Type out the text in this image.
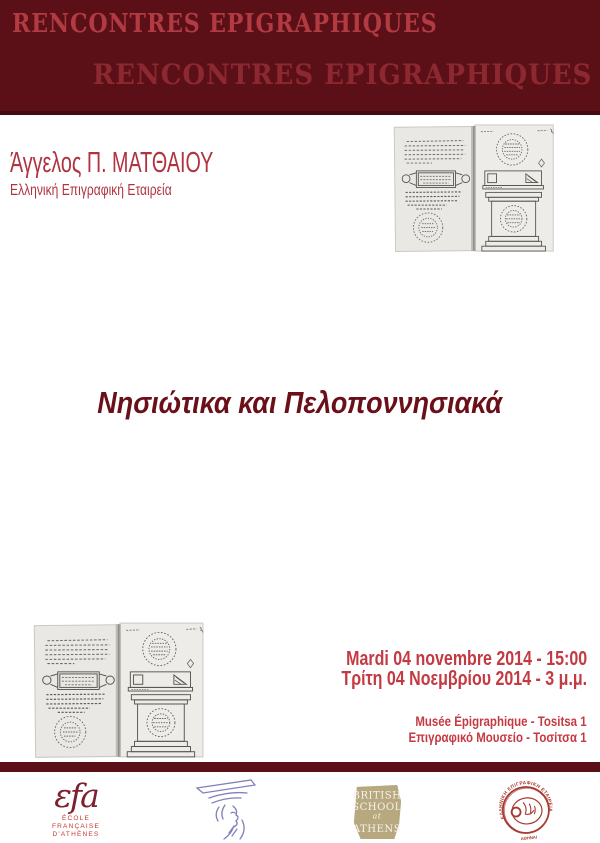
RENCONTRES EPIGRAPHIQUES
RENCONTRES EPIGRAPHIQUES
Άγγελος Π. ΜΑΤΘΑΙΟΥ
Ελληνική Επιγραφική Εταιρεία
Νησιώτικα και Πελοποννησιακά
Mardi 04 novembre 2014 - 15:00
Τρίτη 04 Νοεμβρίου 2014 - 3 μ.μ.
Musée Épigraphique - Tositsa 1
Επιγραφικό Μουσείο - Τοσίτσα 1
εfa
ÉCOLE
FRANÇAISE
D'ATHÈNES
BRITISH
SCHOOL
at
ATHENS
ΕΛΛΗΝΙΚΗ ΕΠΙΓΡΑΦΙΚΗ ΕΤΑΙΡΕΙΑ
ΑΘΗΝΑΙ
